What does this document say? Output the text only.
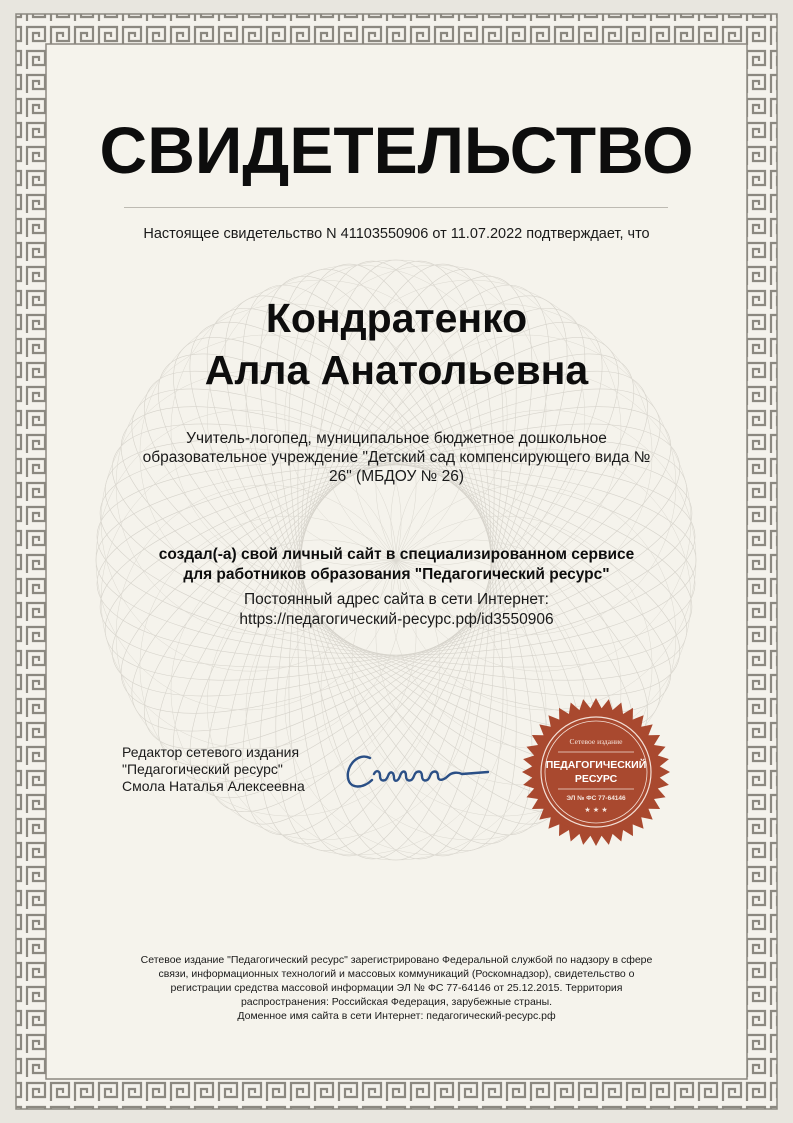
СВИДЕТЕЛЬСТВО
Настоящее свидетельство N 41103550906 от 11.07.2022 подтверждает, что
Кондратенко
Алла Анатольевна
Учитель-логопед, муниципальное бюджетное дошкольное
образовательное учреждение "Детский сад компенсирующего вида №
26" (МБДОУ № 26)
создал(-а) свой личный сайт в специализированном сервисе
для работников образования "Педагогический ресурс"
Постоянный адрес сайта в сети Интернет:
https://педагогический-ресурс.рф/id3550906
Редактор сетевого издания
"Педагогический ресурс"
Смола Наталья Алексеевна
Сетевое издание
ПЕДАГОГИЧЕСКИЙ
РЕСУРС
ЭЛ № ФС 77-64146
★ ★ ★
Сетевое издание "Педагогический ресурс" зарегистрировано Федеральной службой по надзору в сфере
связи, информационных технологий и массовых коммуникаций (Роскомнадзор), свидетельство о
регистрации средства массовой информации ЭЛ № ФС 77-64146 от 25.12.2015. Территория
распространения: Российская Федерация, зарубежные страны.
Доменное имя сайта в сети Интернет: педагогический-ресурс.рф
